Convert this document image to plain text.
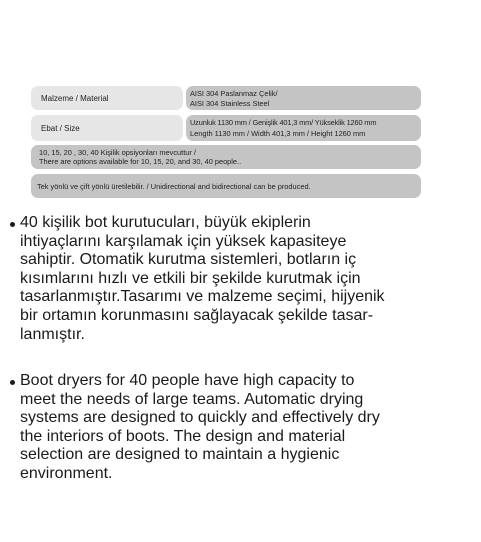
Malzeme / Material
AISI 304 Paslanmaz Çelik/
AISI 304 Stainless Steel
Ebat / Size
Uzunluk 1130 mm / Genişlik 401,3 mm/ Yükseklik 1260 mm
Length 1130 mm / Width 401,3 mm / Height 1260 mm
10, 15, 20 , 30, 40 Kişilik opsiyonları mevcuttur /
There are options available for 10, 15, 20, and 30, 40 people..
Tek yönlü ve çift yönlü üretilebilir. / Unidirectional and bidirectional can be produced.
40 kişilik bot kurutucuları, büyük ekiplerin
ihtiyaçlarını karşılamak için yüksek kapasiteye
sahiptir. Otomatik kurutma sistemleri, botların iç
kısımlarını hızlı ve etkili bir şekilde kurutmak için
tasarlanmıştır.Tasarımı ve malzeme seçimi, hijyenik
bir ortamın korunmasını sağlayacak şekilde tasar-
lanmıştır.
Boot dryers for 40 people have high capacity to
meet the needs of large teams. Automatic drying
systems are designed to quickly and effectively dry
the interiors of boots. The design and material
selection are designed to maintain a hygienic
environment.
